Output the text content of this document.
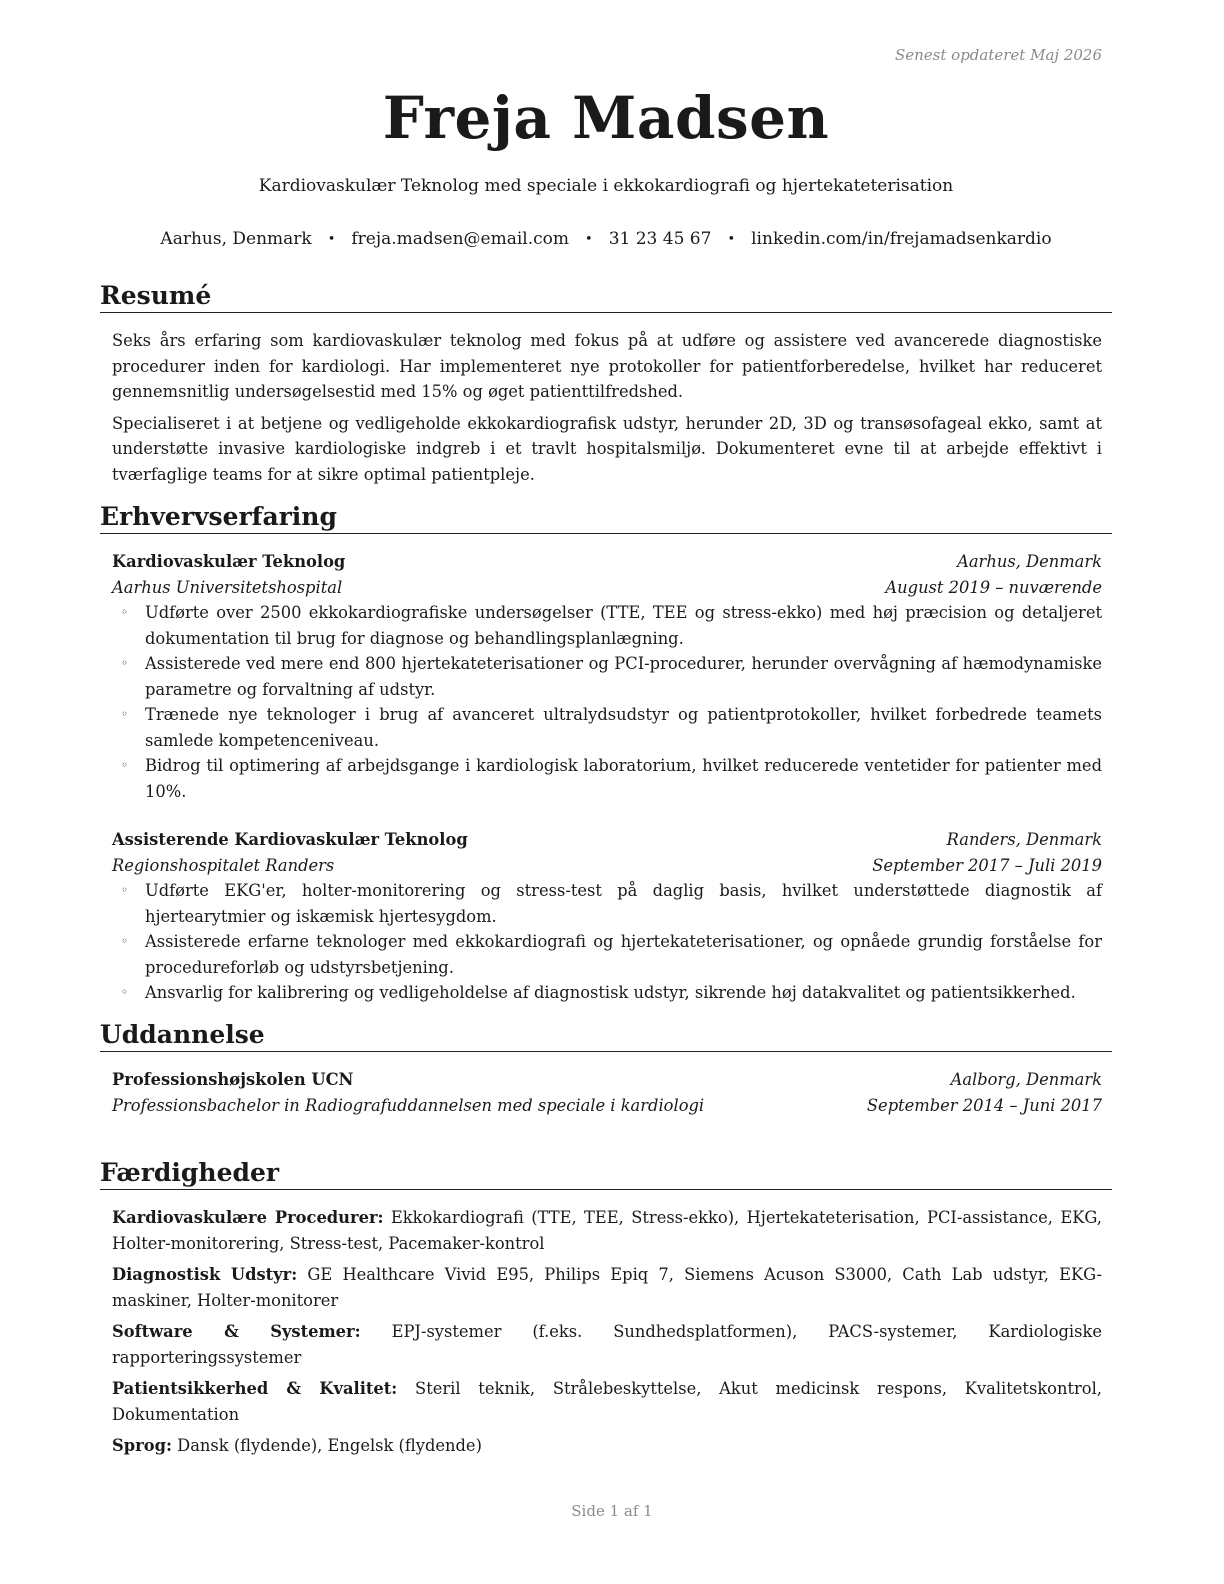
Senest opdateret Maj 2026
Freja Madsen
Kardiovaskulær Teknolog med speciale i ekkokardiografi og hjertekateterisation
Aarhus, Denmark • freja.madsen@email.com • 31 23 45 67 • linkedin.com/in/frejamadsenkardio
Resumé

Seks års erfaring som kardiovaskulær teknolog med fokus på at udføre og assistere ved avancerede diagnostiske procedurer inden for kardiologi. Har implementeret nye protokoller for patientforberedelse, hvilket har reduceret gennemsnitlig undersøgelsestid med 15% og øget patienttilfredshed.

Specialiseret i at betjene og vedligeholde ekkokardiografisk udstyr, herunder 2D, 3D og transøsofageal ekko, samt at understøtte invasive kardiologiske indgreb i et travlt hospitalsmiljø. Dokumenteret evne til at arbejde effektivt i tværfaglige teams for at sikre optimal patientpleje.

Erhvervserfaring
Kardiovaskulær Teknolog	Aarhus, Denmark
Aarhus Universitetshospital	August 2019 – nuværende
◦ Udførte over 2500 ekkokardiografiske undersøgelser (TTE, TEE og stress-ekko) med høj præcision og detaljeret dokumentation til brug for diagnose og behandlingsplanlægning.
◦ Assisterede ved mere end 800 hjertekateterisationer og PCI-procedurer, herunder overvågning af hæmodynamiske parametre og forvaltning af udstyr.
◦ Trænede nye teknologer i brug af avanceret ultralydsudstyr og patientprotokoller, hvilket forbedrede teamets samlede kompetenceniveau.
◦ Bidrog til optimering af arbejdsgange i kardiologisk laboratorium, hvilket reducerede ventetider for patienter med 10%.
Assisterende Kardiovaskulær Teknolog	Randers, Denmark
Regionshospitalet Randers	September 2017 – Juli 2019
◦ Udførte EKG'er, holter-monitorering og stress-test på daglig basis, hvilket understøttede diagnostik af hjertearytmier og iskæmisk hjertesygdom.
◦ Assisterede erfarne teknologer med ekkokardiografi og hjertekateterisationer, og opnåede grundig forståelse for procedureforløb og udstyrsbetjening.
◦ Ansvarlig for kalibrering og vedligeholdelse af diagnostisk udstyr, sikrende høj datakvalitet og patientsikkerhed.
Uddannelse
Professionshøjskolen UCN	Aalborg, Denmark
Professionsbachelor in Radiografuddannelsen med speciale i kardiologi	September 2014 – Juni 2017
Færdigheder
Kardiovaskulære Procedurer: Ekkokardiografi (TTE, TEE, Stress-ekko), Hjertekateterisation, PCI-assistance, EKG, Holter-monitorering, Stress-test, Pacemaker-kontrol
Diagnostisk Udstyr: GE Healthcare Vivid E95, Philips Epiq 7, Siemens Acuson S3000, Cath Lab udstyr, EKG-maskiner, Holter-monitorer
Software & Systemer: EPJ-systemer (f.eks. Sundhedsplatformen), PACS-systemer, Kardiologiske rapporteringssystemer
Patientsikkerhed & Kvalitet: Steril teknik, Strålebeskyttelse, Akut medicinsk respons, Kvalitetskontrol, Dokumentation
Sprog: Dansk (flydende), Engelsk (flydende)
Side 1 af 1
